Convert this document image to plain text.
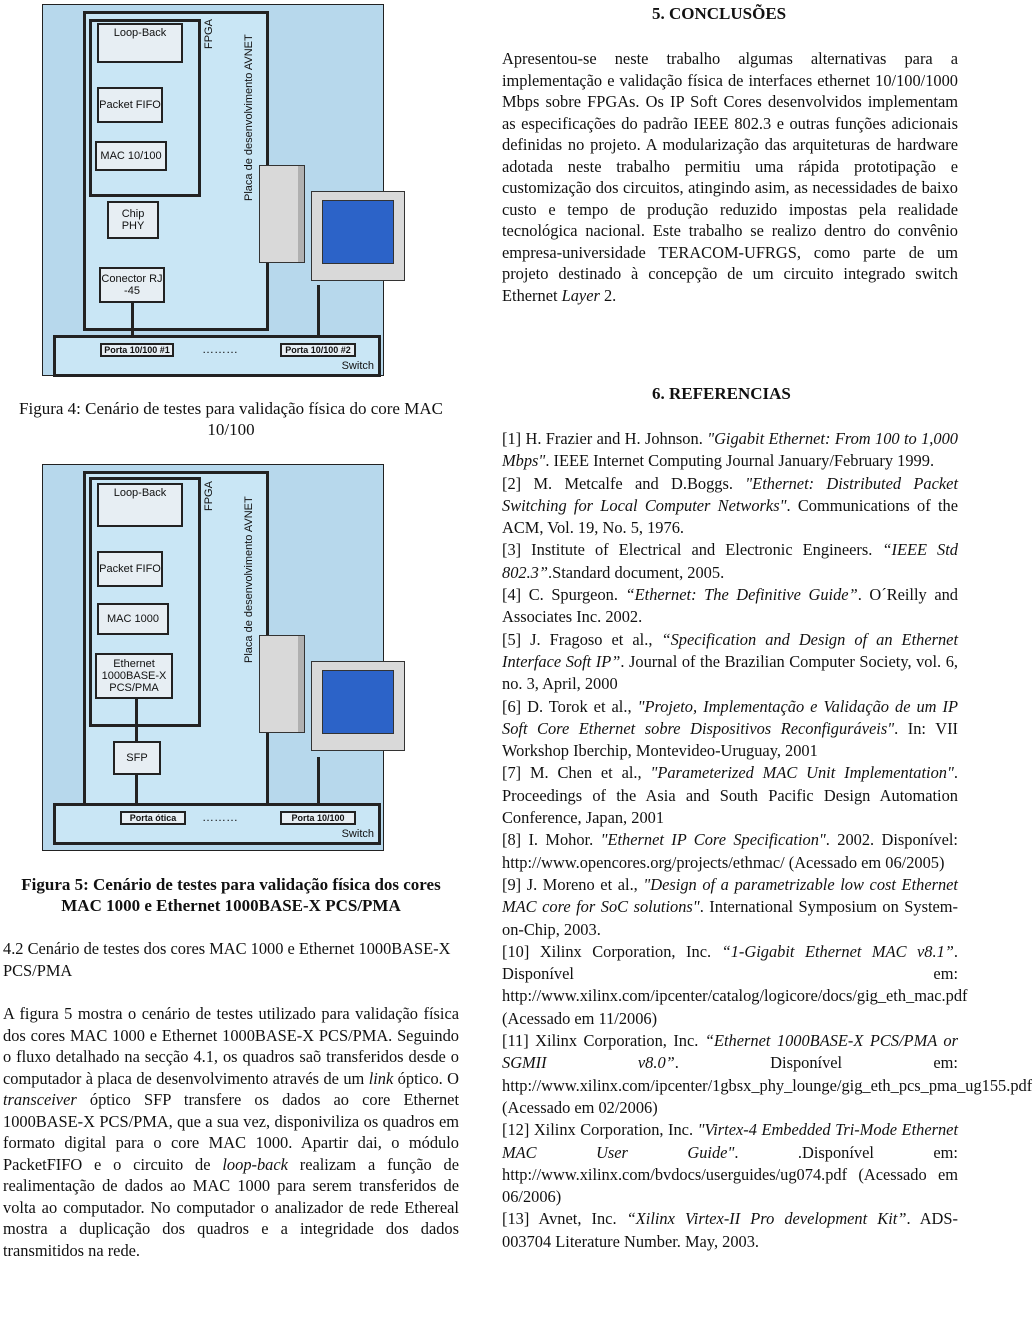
FPGA
Placa de desenvolvimento AVNET
Loop-Back
Packet FIFO
MAC 10/100
Chip PHY
Conector RJ -45
Porta 10/100 #1	………	Porta 10/100 #2
Switch
Figura 4: Cenário de testes para validação física do core MAC 10/100
FPGA
Placa de desenvolvimento AVNET
Loop-Back
Packet FIFO
MAC 1000
Ethernet 1000BASE-X PCS/PMA
SFP
Porta ótica ………	Porta 10/100
Switch
Figura 5: Cenário de testes para validação física dos cores MAC 1000 e Ethernet 1000BASE-X PCS/PMA
4.2 Cenário de testes dos cores MAC 1000 e Ethernet 1000BASE-X PCS/PMA
A figura 5 mostra o cenário de testes utilizado para validação física dos cores MAC 1000 e Ethernet 1000BASE-X PCS/PMA. Seguindo o fluxo detalhado na secção 4.1, os quadros saõ transferidos desde o computador à placa de desenvolvimento através de um link óptico. O transceiver óptico SFP transfere os dados ao core Ethernet 1000BASE-X PCS/PMA, que a sua vez, disponiviliza os quadros em formato digital para o core MAC 1000. Apartir dai, o módulo PacketFIFO e o circuito de loop-back realizam a função de realimentação de dados ao MAC 1000 para serem transferidos de volta ao computador. No computador o analizador de rede Ethereal mostra a duplicação dos quadros e a integridade dos dados transmitidos na rede.
5. CONCLUSÕES
Apresentou-se neste trabalho algumas alternativas para a implementação e validação física de interfaces ethernet 10/100/1000 Mbps sobre FPGAs. Os IP Soft Cores desenvolvidos implementam as especificações do padrão IEEE 802.3 e outras funções adicionais definidas no projeto. A modularização das arquiteturas de hardware adotada neste trabalho permitiu uma rápida prototipação e customização dos circuitos, atingindo asim, as necessidades de baixo custo e tempo de produção reduzido impostas pela realidade tecnológica nacional. Este trabalho se realizo dentro do convênio empresa-universidade TERACOM-UFRGS, como parte de um projeto destinado à concepção de um circuito integrado switch Ethernet Layer 2.
6. REFERENCIAS
[1] H. Frazier and H. Johnson. "Gigabit Ethernet: From 100 to 1,000 Mbps". IEEE Internet Computing Journal January/February 1999.
[2] M. Metcalfe and D.Boggs. "Ethernet: Distributed Packet Switching for Local Computer Networks". Communications of the ACM, Vol. 19, No. 5, 1976.
[3] Institute of Electrical and Electronic Engineers. “IEEE Std 802.3”.Standard document, 2005.
[4] C. Spurgeon. “Ethernet: The Definitive Guide”. O´Reilly and Associates Inc. 2002.
[5] J. Fragoso et al., “Specification and Design of an Ethernet Interface Soft IP”. Journal of the Brazilian Computer Society, vol. 6, no. 3, April, 2000
[6] D. Torok et al., "Projeto, Implementação e Validação de um IP Soft Core Ethernet sobre Dispositivos Reconfiguráveis". In: VII Workshop Iberchip, Montevideo-Uruguay, 2001
[7] M. Chen et al., "Parameterized MAC Unit Implementation". Proceedings of the Asia and South Pacific Design Automation Conference, Japan, 2001
[8] I. Mohor. "Ethernet IP Core Specification". 2002. Disponível: http://www.opencores.org/projects/ethmac/ (Acessado em 06/2005)
[9] J. Moreno et al., "Design of a parametrizable low cost Ethernet MAC core for SoC solutions". International Symposium on System-on-Chip, 2003.
[10] Xilinx Corporation, Inc. “1-Gigabit Ethernet MAC v8.1”. Disponível em: http://www.xilinx.com/ipcenter/catalog/logicore/docs/gig_eth_mac.pdf (Acessado em 11/2006)
[11] Xilinx Corporation, Inc. “Ethernet 1000BASE-X PCS/PMA or SGMII v8.0”. Disponível em: http://www.xilinx.com/ipcenter/1gbsx_phy_lounge/gig_eth_pcs_pma_ug155.pdf (Acessado em 02/2006)
[12] Xilinx Corporation, Inc. "Virtex-4 Embedded Tri-Mode Ethernet MAC User Guide". .Disponível em: http://www.xilinx.com/bvdocs/userguides/ug074.pdf (Acessado em 06/2006)
[13] Avnet, Inc. “Xilinx Virtex-II Pro development Kit”. ADS-003704 Literature Number. May, 2003.
